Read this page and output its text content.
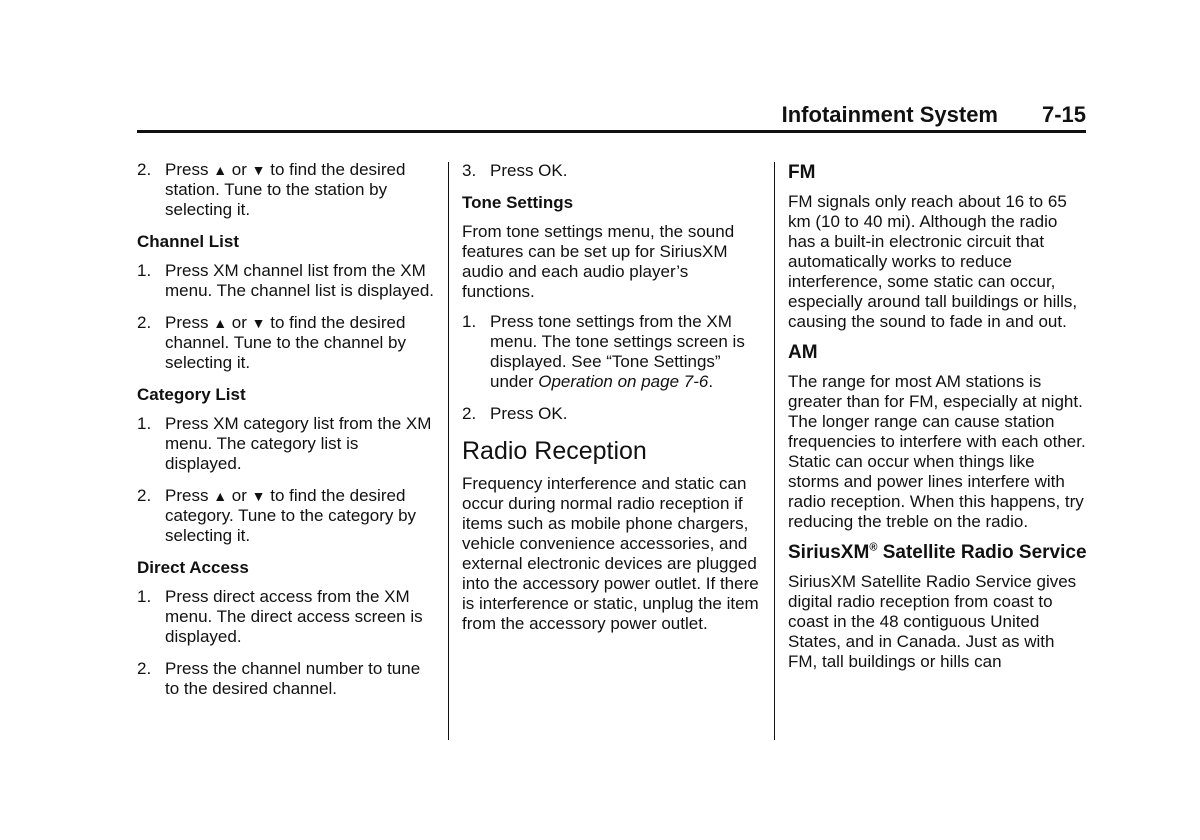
Infotainment System 7-15
2. Press ▲ or ▼ to find the desired station. Tune to the station by selecting it.
Channel List
1. Press XM channel list from the XM menu. The channel list is displayed.
2. Press ▲ or ▼ to find the desired channel. Tune to the channel by selecting it.
Category List
1. Press XM category list from the XM menu. The category list is displayed.
2. Press ▲ or ▼ to find the desired category. Tune to the category by selecting it.
Direct Access
1. Press direct access from the XM menu. The direct access screen is displayed.
2. Press the channel number to tune to the desired channel.
3. Press OK.
Tone Settings
From tone settings menu, the sound features can be set up for SiriusXM audio and each audio player’s functions.
1. Press tone settings from the XM menu. The tone settings screen is displayed. See “Tone Settings” under Operation on page 7-6.
2. Press OK.
Radio Reception
Frequency interference and static can occur during normal radio reception if items such as mobile phone chargers, vehicle convenience accessories, and external electronic devices are plugged into the accessory power outlet. If there is interference or static, unplug the item from the accessory power outlet.
FM
FM signals only reach about 16 to 65 km (10 to 40 mi). Although the radio has a built-in electronic circuit that automatically works to reduce interference, some static can occur, especially around tall buildings or hills, causing the sound to fade in and out.
AM
The range for most AM stations is greater than for FM, especially at night. The longer range can cause station frequencies to interfere with each other. Static can occur when things like storms and power lines interfere with radio reception. When this happens, try reducing the treble on the radio.
SiriusXM® Satellite Radio Service
SiriusXM Satellite Radio Service gives digital radio reception from coast to coast in the 48 contiguous United States, and in Canada. Just as with FM, tall buildings or hills can
